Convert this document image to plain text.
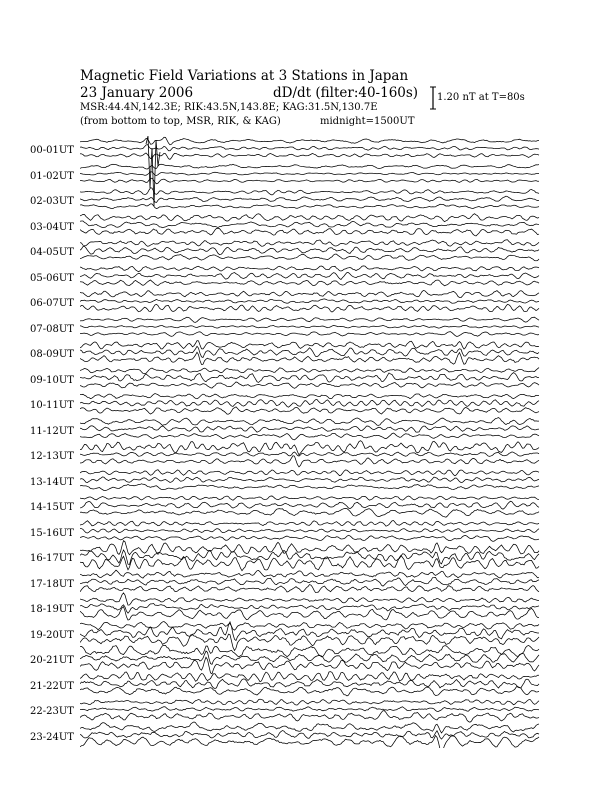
Magnetic Field Variations at 3 Stations in Japan
23 January 2006	dD/dt (filter:40-160s)
MSR:44.4N,142.3E; RIK:43.5N,143.8E; KAG:31.5N,130.7E
(from bottom to top, MSR, RIK, & KAG)	midnight=1500UT
1.20 nT at T=80s
00-01UT
01-02UT
02-03UT
03-04UT
04-05UT
05-06UT
06-07UT
07-08UT
08-09UT
09-10UT
10-11UT
11-12UT
12-13UT
13-14UT
14-15UT
15-16UT
16-17UT
17-18UT
18-19UT
19-20UT
20-21UT
21-22UT
22-23UT
23-24UT
